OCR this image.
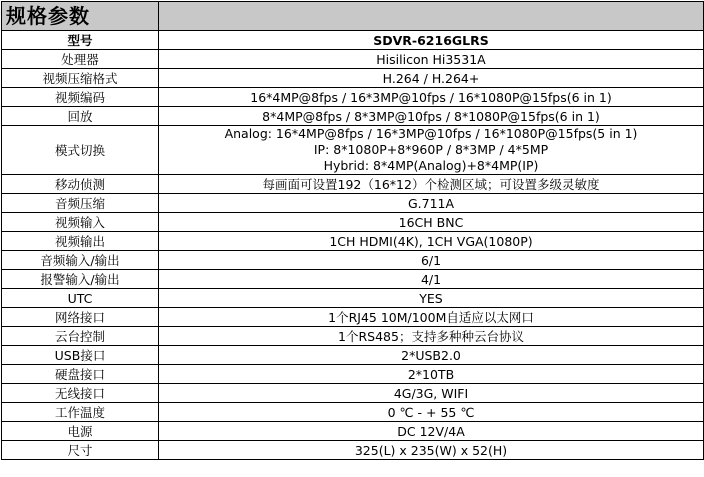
规格参数	
型号	SDVR-6216GLRS
处理器	Hisilicon Hi3531A
视频压缩格式	H.264 / H.264+
视频编码	16*4MP@8fps / 16*3MP@10fps / 16*1080P@15fps(6 in 1)
回放	8*4MP@8fps / 8*3MP@10fps / 8*1080P@15fps(6 in 1)
模式切换	Analog: 16*4MP@8fps / 16*3MP@10fps / 16*1080P@15fps(5 in 1)
IP: 8*1080P+8*960P / 8*3MP / 4*5MP
Hybrid: 8*4MP(Analog)+8*4MP(IP)

移动侦测	每画面可设置192（16*12）个检测区域；可设置多级灵敏度
音频压缩	G.711A
视频输入	16CH BNC
视频输出	1CH HDMI(4K), 1CH VGA(1080P)
音频输入/输出	6/1
报警输入/输出	4/1
UTC	YES
网络接口	1个RJ45 10M/100M自适应以太网口
云台控制	1个RS485；支持多种种云台协议
USB接口	2*USB2.0
硬盘接口	2*10TB
无线接口	4G/3G, WIFI
工作温度	0 ℃ - + 55 ℃
电源	DC 12V/4A
尺寸	325(L) x 235(W) x 52(H)
